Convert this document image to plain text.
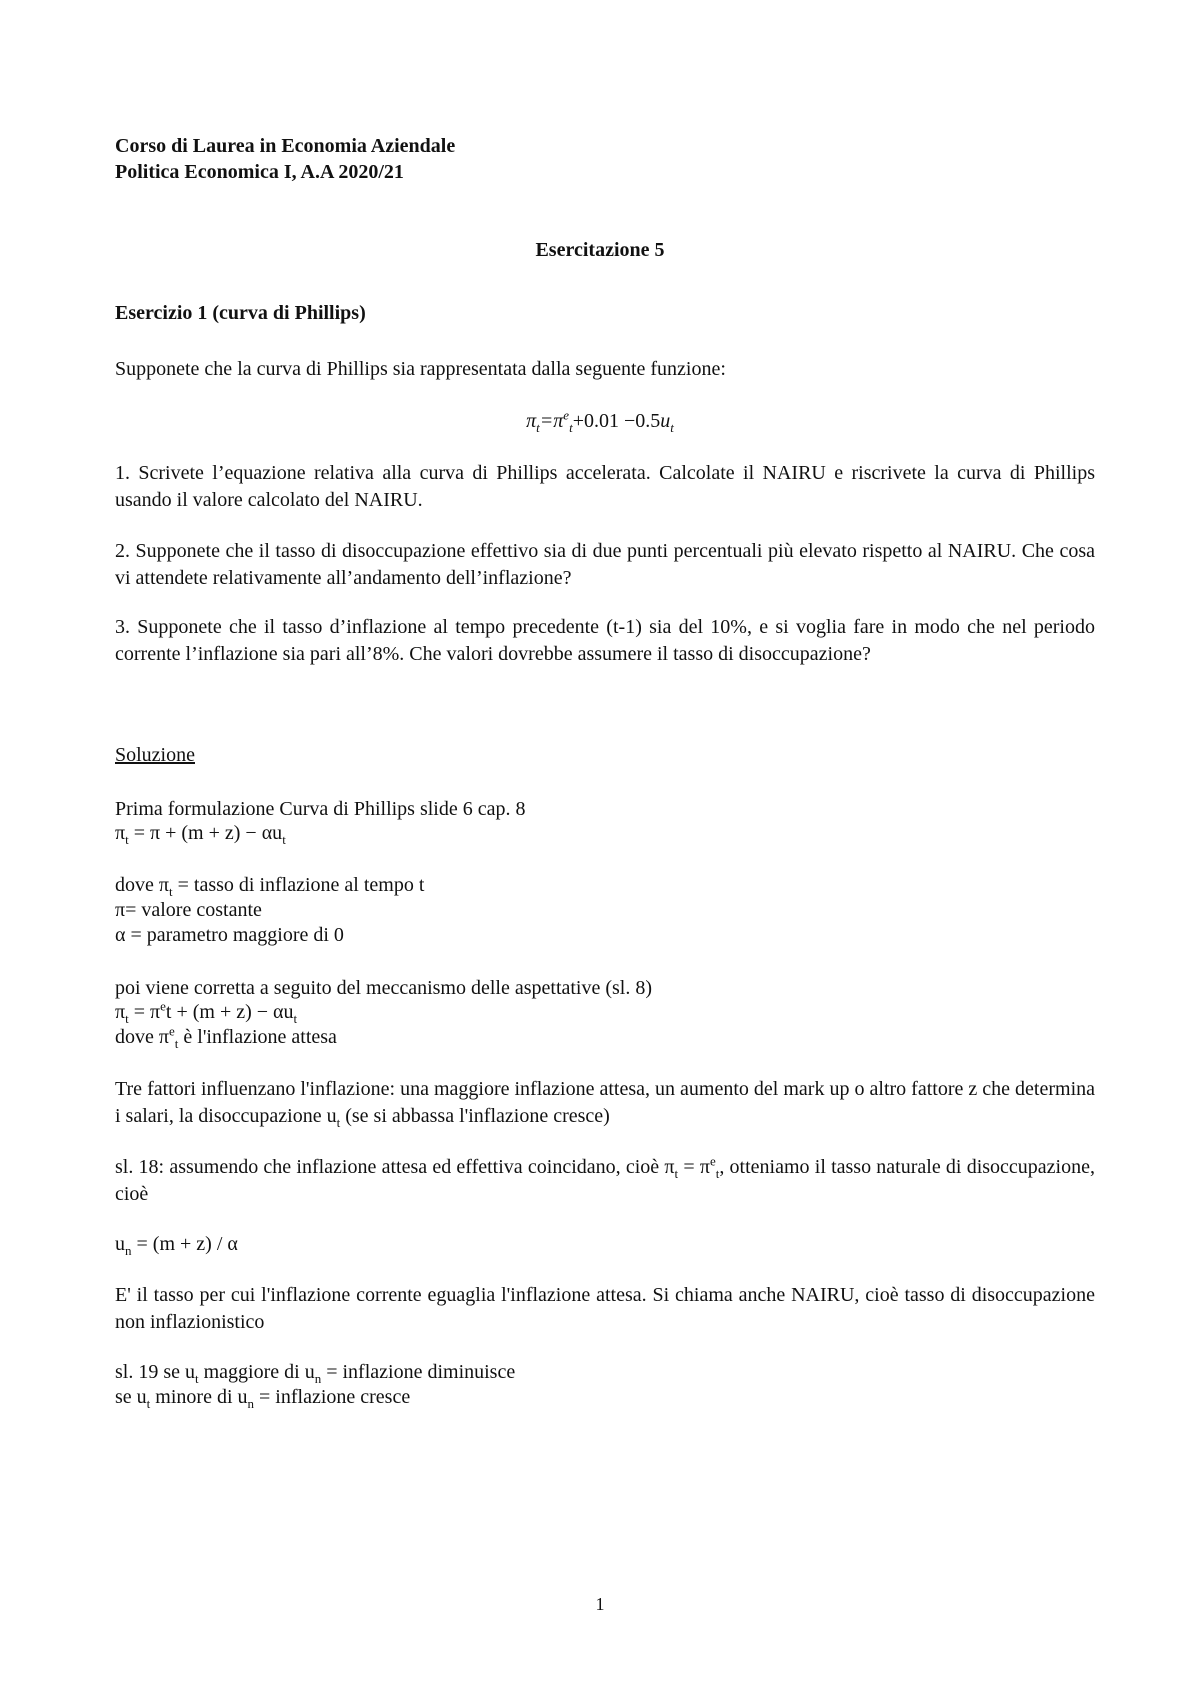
Corso di Laurea in Economia Aziendale
Politica Economica I, A.A 2020/21
Esercitazione 5
Esercizio 1 (curva di Phillips)
Supponete che la curva di Phillips sia rappresentata dalla seguente funzione:
$\pi_t=\pi^e_t+0.01 -0.5u_t$
1. Scrivete l’equazione relativa alla curva di Phillips accelerata. Calcolate il NAIRU e riscrivete la curva di Phillips usando il valore calcolato del NAIRU.
2. Supponete che il tasso di disoccupazione effettivo sia di due punti percentuali più elevato rispetto al NAIRU. Che cosa vi attendete relativamente all’andamento dell’inflazione?
3. Supponete che il tasso d’inflazione al tempo precedente (t-1) sia del 10%, e si voglia fare in modo che nel periodo corrente l’inflazione sia pari all’8%. Che valori dovrebbe assumere il tasso di disoccupazione?
Soluzione
Prima formulazione Curva di Phillips slide 6 cap. 8
$\pi_t = \pi + (m + z) - \alpha u_t$
dove $\pi_t$ = tasso di inflazione al tempo t
π= valore costante
α = parametro maggiore di 0
poi viene corretta a seguito del meccanismo delle aspettative (sl. 8)
$\pi_t = \pi^et + (m + z) - \alpha u_t$
dove $\pi^e_t$ è l'inflazione attesa
Tre fattori influenzano l'inflazione: una maggiore inflazione attesa, un aumento del mark up o altro fattore z che determina i salari, la disoccupazione $u_t$ (se si abbassa l'inflazione cresce)
sl. 18: assumendo che inflazione attesa ed effettiva coincidano, cioè $\pi_t = \pi^e_t$, otteniamo il tasso naturale di disoccupazione, cioè
$u_n = (m + z) / \alpha$
E' il tasso per cui l'inflazione corrente eguaglia l'inflazione attesa. Si chiama anche NAIRU, cioè tasso di disoccupazione non inflazionistico
sl. 19 se $u_t$ maggiore di $u_n$ = inflazione diminuisce
se $u_t$ minore di $u_n$ = inflazione cresce
1
